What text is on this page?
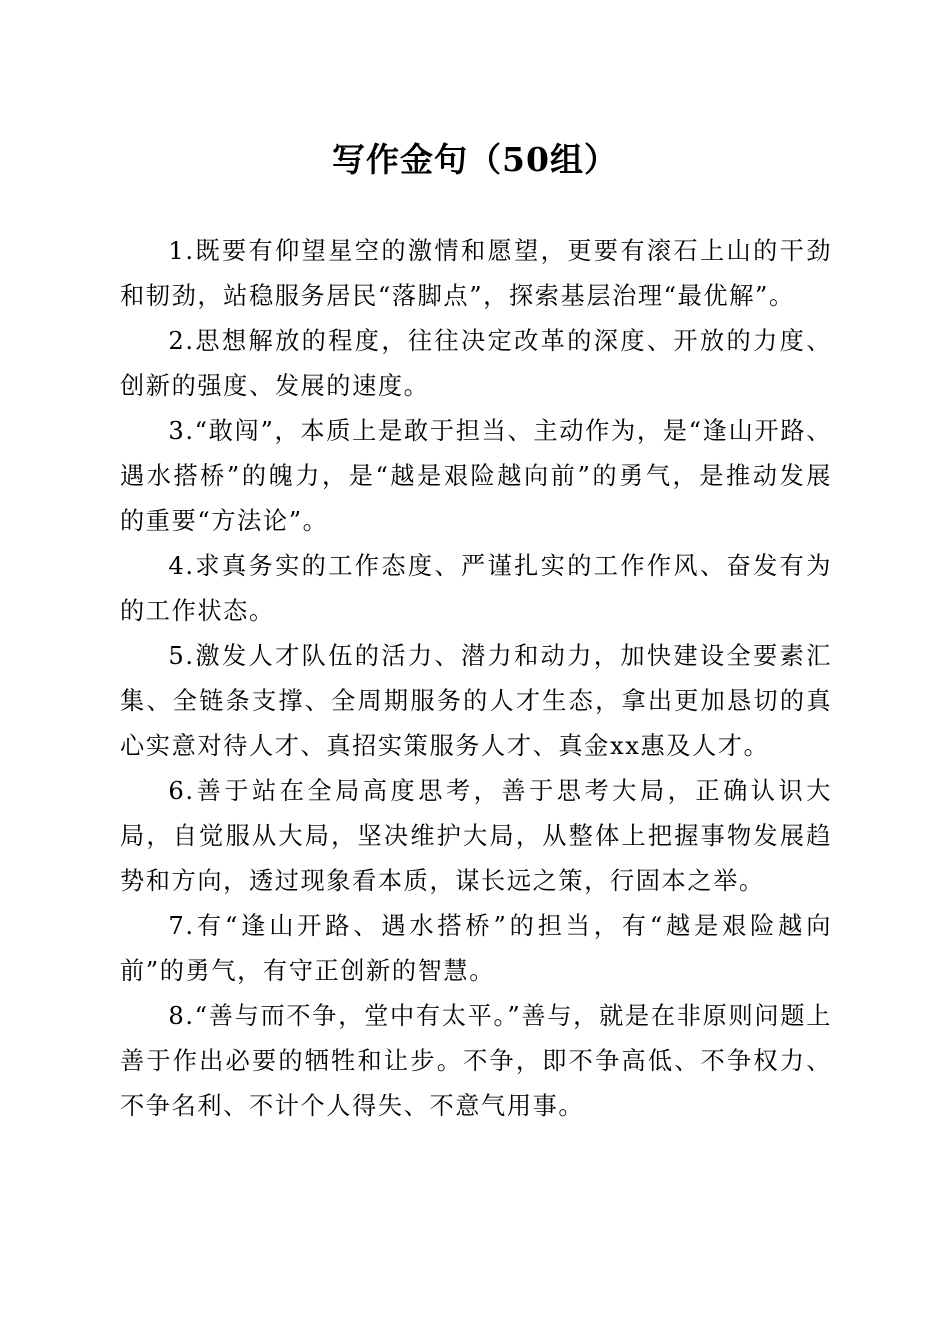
写作金句（50组）

1.既要有仰望星空的激情和愿望，更要有滚石上山的干劲和韧劲，站稳服务居民“落脚点”，探索基层治理“最优解”。

2.思想解放的程度，往往决定改革的深度、开放的力度、创新的强度、发展的速度。

3.“敢闯”，本质上是敢于担当、主动作为，是“逢山开路、遇水搭桥”的魄力，是“越是艰险越向前”的勇气，是推动发展的重要“方法论”。

4.求真务实的工作态度、严谨扎实的工作作风、奋发有为的工作状态。

5.激发人才队伍的活力、潜力和动力，加快建设全要素汇集、全链条支撑、全周期服务的人才生态，拿出更加恳切的真心实意对待人才、真招实策服务人才、真金xx惠及人才。

6.善于站在全局高度思考，善于思考大局，正确认识大局，自觉服从大局，坚决维护大局，从整体上把握事物发展趋势和方向，透过现象看本质，谋长远之策，行固本之举。

7.有“逢山开路、遇水搭桥”的担当，有“越是艰险越向前”的勇气，有守正创新的智慧。

8.“善与而不争，堂中有太平。”善与，就是在非原则问题上善于作出必要的牺牲和让步。不争，即不争高低、不争权力、不争名利、不计个人得失、不意气用事。
